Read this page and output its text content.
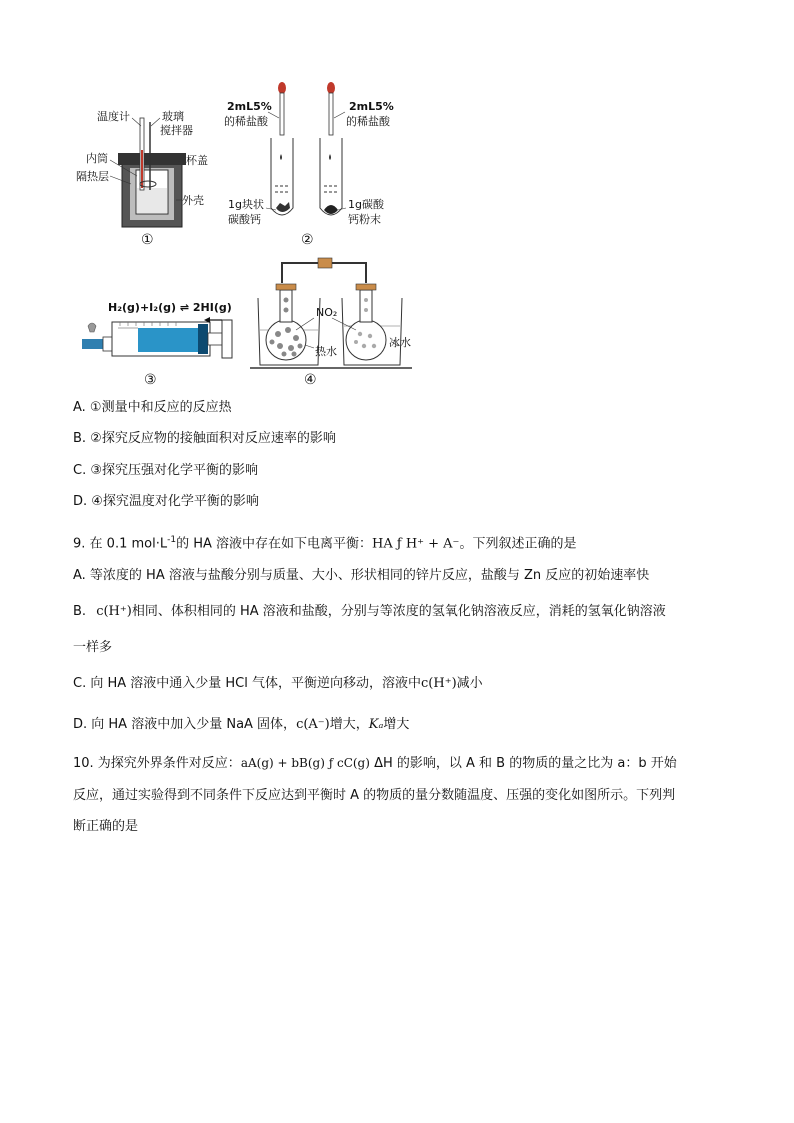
温度计	玻璃
搅拌器
内筒	杯盖
隔热层
外壳
①
2mL5%
的稀盐酸
2mL5%
的稀盐酸
1g块状
碳酸钙
1g碳酸
钙粉末
②
H₂(g)+I₂(g) ⇌ 2HI(g)
③
NO₂
热水
冰水
④
A. ①测量中和反应的反应热
B. ②探究反应物的接触面积对反应速率的影响
C. ③探究压强对化学平衡的影响
D. ④探究温度对化学平衡的影响
9. 在 0.1 $mol\cdot L^{-1}$的 HA 溶液中存在如下电离平衡：HA ƒ H⁺ + A⁻。下列叙述正确的是
A. 等浓度的 HA 溶液与盐酸分别与质量、大小、形状相同的锌片反应，盐酸与 Zn 反应的初始速率快
B. c(H⁺)相同、体积相同的 HA 溶液和盐酸，分别与等浓度的氢氧化钠溶液反应，消耗的氢氧化钠溶液
一样多
C. 向 HA 溶液中通入少量 HCl 气体，平衡逆向移动，溶液中c(H⁺)减小
D. 向 HA 溶液中加入少量 NaA 固体，c(A⁻)增大，Kₐ增大
10. 为探究外界条件对反应：aA(g) + bB(g) ƒ cC(g) ΔH 的影响，以 A 和 B 的物质的量之比为 a：b 开始
反应，通过实验得到不同条件下反应达到平衡时 A 的物质的量分数随温度、压强的变化如图所示。下列判
断正确的是
